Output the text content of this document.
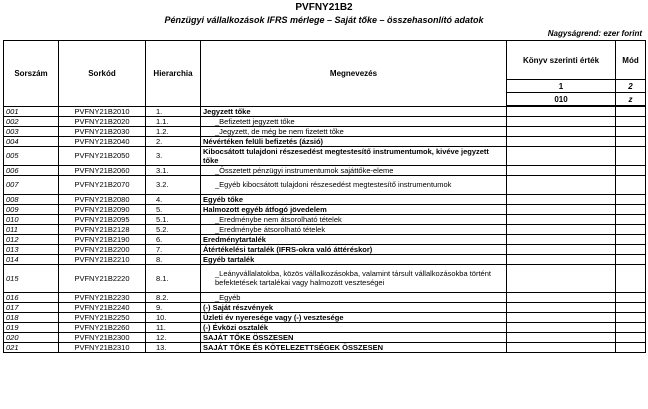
PVFNY21B2
Pénzügyi vállalkozások IFRS mérlege – Saját tőke – összehasonlító adatok
Nagyságrend: ezer forint
Sorszám	Sorkód	Hierarchia	Megnevezés	Könyv szerinti érték	Mód
				1	2
				010	z
001	PVFNY21B2010	1.	Jegyzett tőke		
002	PVFNY21B2020	1.1.	_Befizetett jegyzett tőke		
003	PVFNY21B2030	1.2.	_Jegyzett, de még be nem fizetett tőke		
004	PVFNY21B2040	2.	Névértéken felüli befizetés (ázsió)		
005	PVFNY21B2050	3.	Kibocsátott tulajdoni részesedést megtestesítő instrumentumok, kivéve jegyzett tőke		
006	PVFNY21B2060	3.1.	_Összetett pénzügyi instrumentumok sajáttőke-eleme		
007	PVFNY21B2070	3.2.	_Egyéb kibocsátott tulajdoni részesedést megtestesítő instrumentumok		
008	PVFNY21B2080	4.	Egyéb tőke		
009	PVFNY21B2090	5.	Halmozott egyéb átfogó jövedelem		
010	PVFNY21B2095	5.1.	_Eredménybe nem átsorolható tételek		
011	PVFNY21B2128	5.2.	_Eredménybe átsorolható tételek		
012	PVFNY21B2190	6.	Eredménytartalék		
013	PVFNY21B2200	7.	Átértékelési tartalék (IFRS-okra való áttéréskor)		
014	PVFNY21B2210	8.	Egyéb tartalék		
015	PVFNY21B2220	8.1.	_Leányvállalatokba, közös vállalkozásokba, valamint társult vállalkozásokba történt befektetések tartalékai vagy halmozott veszteségei		
016	PVFNY21B2230	8.2.	_Egyéb		
017	PVFNY21B2240	9.	(-) Saját részvények		
018	PVFNY21B2250	10.	Üzleti év nyeresége vagy (-) vesztesége		
019	PVFNY21B2260	11.	(-) Évközi osztalék		
020	PVFNY21B2300	12.	SAJÁT TŐKE ÖSSZESEN		
021	PVFNY21B2310	13.	SAJÁT TŐKE ÉS KÖTELEZETTSÉGEK ÖSSZESEN		
